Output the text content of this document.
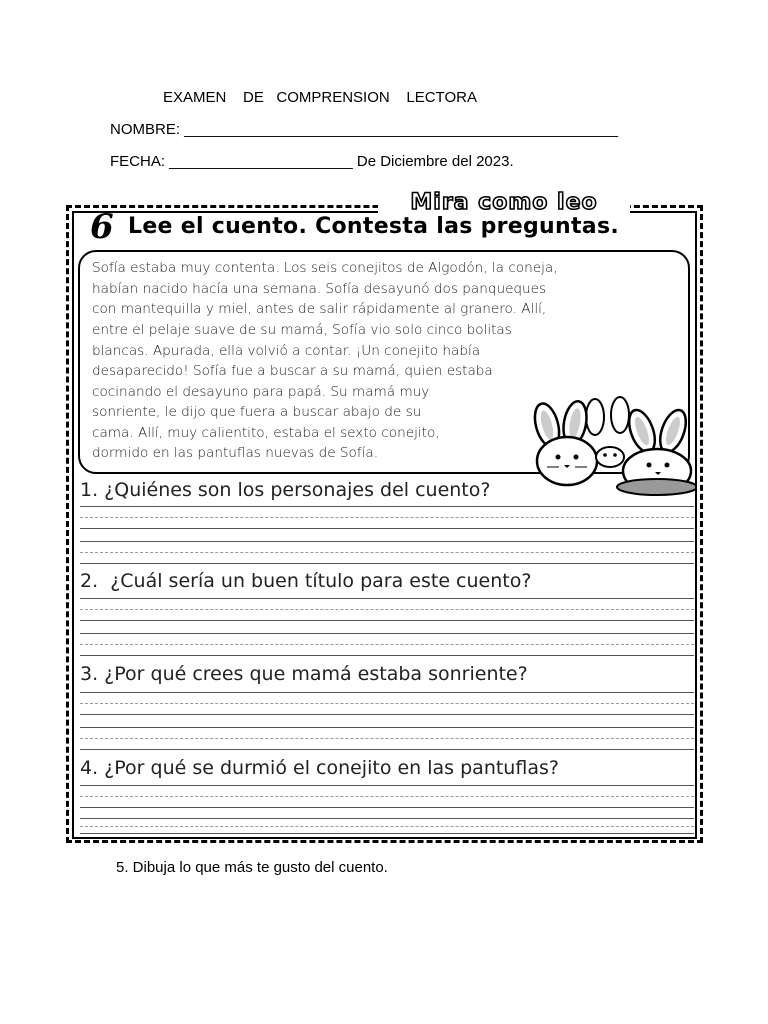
EXAMEN    DE   COMPRENSION    LECTORA
NOMBRE: ____________________________________________________
FECHA: ______________________ De Diciembre del 2023.
Mira como leo
6 Lee el cuento. Contesta las preguntas.
Sofía estaba muy contenta. Los seis conejitos de Algodón, la coneja,
habían nacido hacía una semana. Sofía desayunó dos panqueques
con mantequilla y miel, antes de salir rápidamente al granero. Allí,
entre el pelaje suave de su mamá, Sofía vio solo cinco bolitas
blancas. Apurada, ella volvió a contar. ¡Un conejito había
desaparecido! Sofía fue a buscar a su mamá, quien estaba
cocinando el desayuno para papá. Su mamá muy
sonriente, le dijo que fuera a buscar abajo de su
cama. Allí, muy calientito, estaba el sexto conejito,
dormido en las pantuflas nuevas de Sofía.
1. ¿Quiénes son los personajes del cuento?
2.  ¿Cuál sería un buen título para este cuento?
3. ¿Por qué crees que mamá estaba sonriente?
4. ¿Por qué se durmió el conejito en las pantuflas?
5. Dibuja lo que más te gusto del cuento.
